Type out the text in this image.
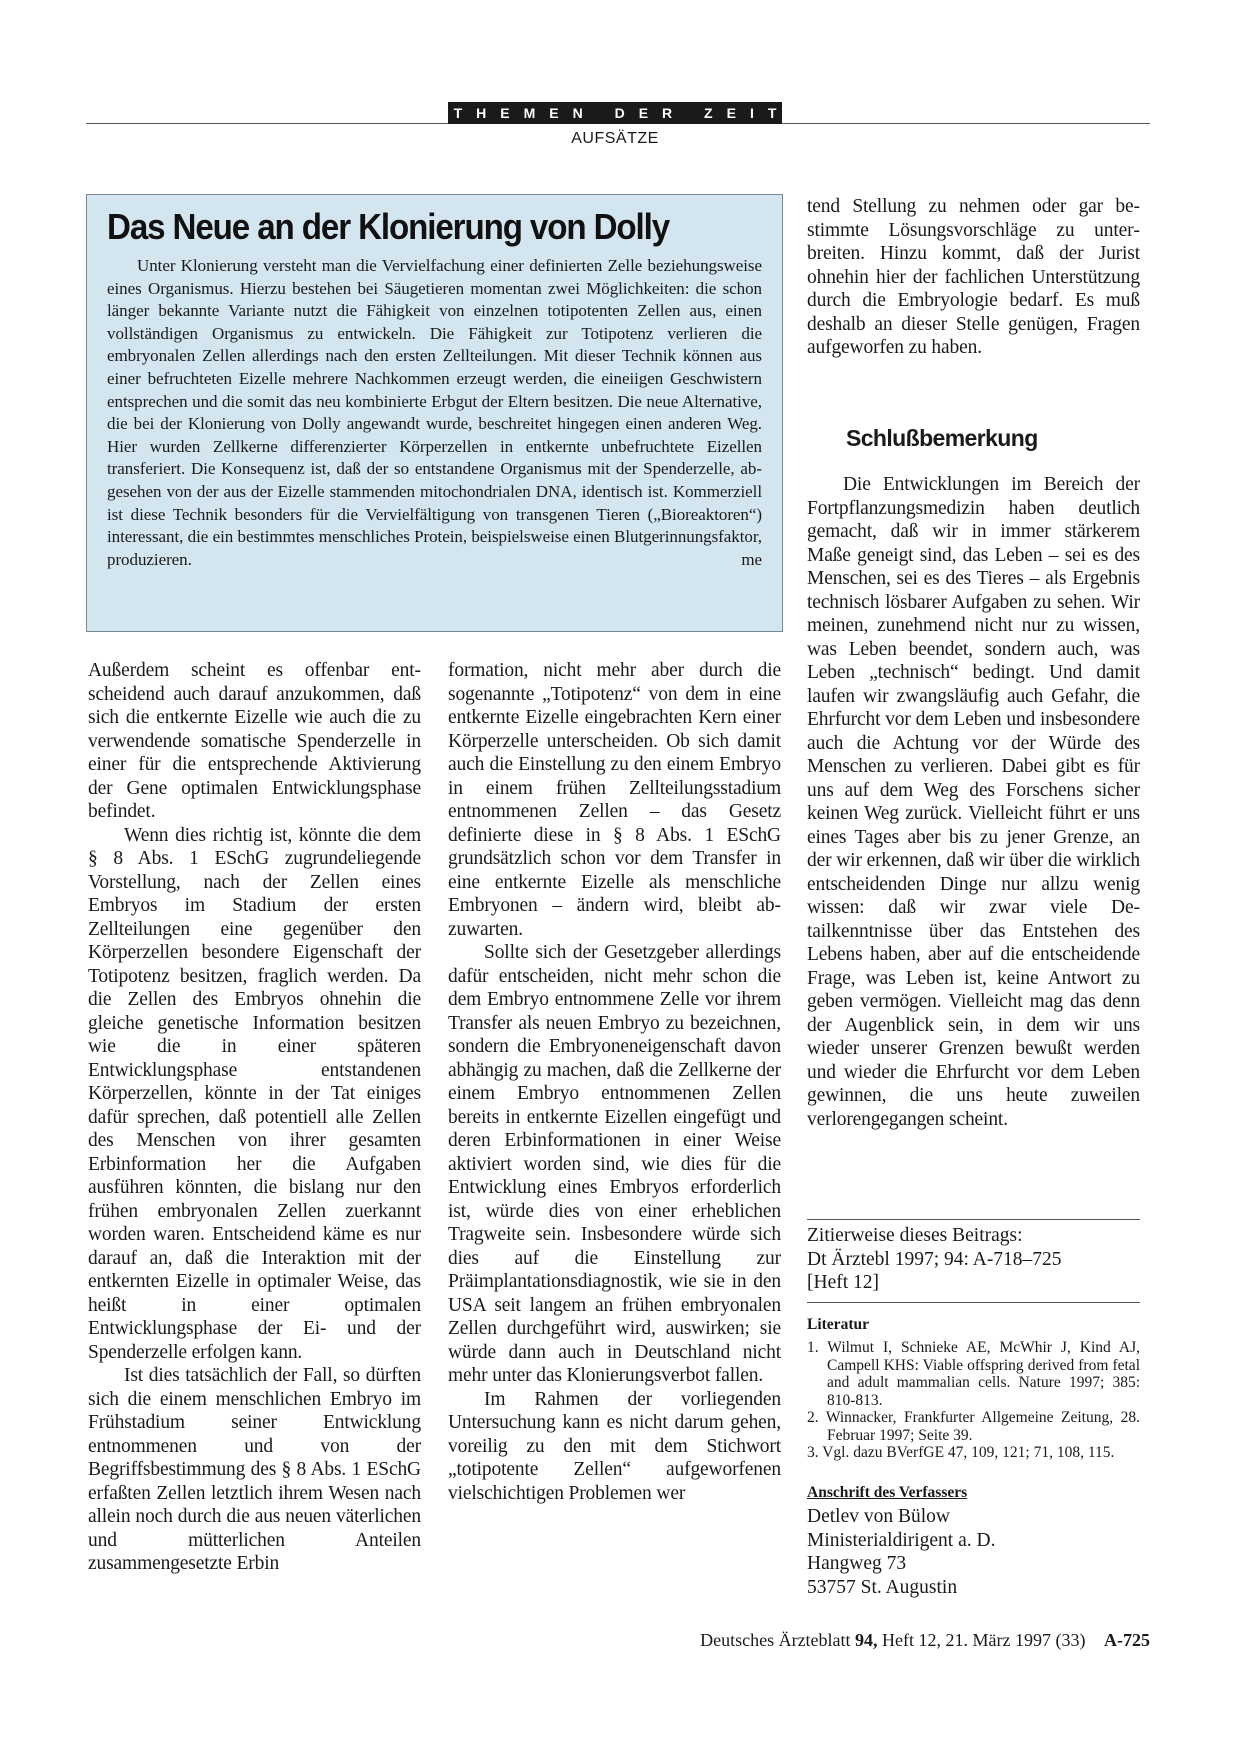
THEMEN DER ZEIT
AUFSÄTZE
Das Neue an der Klonierung von Dolly

Unter Klonierung versteht man die Vervielfachung einer definierten Zelle beziehungsweise eines Organismus. Hierzu bestehen bei Säugetieren momentan zwei Möglichkeiten: die schon länger bekannte Variante nutzt die Fähigkeit von einzelnen totipotenten Zellen aus, einen vollständigen Organismus zu entwickeln. Die Fähigkeit zur Totipotenz verlieren die embryonalen Zellen allerdings nach den ersten Zellteilungen. Mit dieser Technik können aus einer befruchteten Eizelle mehrere Nachkommen erzeugt werden, die eineiigen Geschwistern entsprechen und die somit das neu kombinierte Erbgut der Eltern besitzen. Die neue Alternative, die bei der Klonierung von Dolly angewandt wurde, beschreitet hingegen einen anderen Weg. Hier wurden Zellkerne differenzierter Körperzellen in entkernte unbefruchtete Eizellen transferiert. Die Konsequenz ist, daß der so entstandene Organismus mit der Spenderzelle, abgesehen von der aus der Eizelle stammenden mitochondrialen DNA, identisch ist. Kommerziell ist diese Technik besonders für die Vervielfältigung von transgenen Tieren („Bioreaktoren“) interessant, die ein bestimmtes menschliches Protein, beispielsweise einen Blutgerinnungsfaktor, produzieren.	me

Außerdem scheint es offenbar entscheidend auch darauf anzukommen, daß sich die entkernte Eizelle wie auch die zu verwendende somatische Spenderzelle in einer für die entsprechende Aktivierung der Gene optimalen Entwicklungsphase befindet.

Wenn dies richtig ist, könnte die dem § 8 Abs. 1 ESchG zugrundeliegende Vorstellung, nach der Zellen eines Embryos im Stadium der ersten Zellteilungen eine gegenüber den Körperzellen besondere Eigenschaft der Totipotenz besitzen, fraglich werden. Da die Zellen des Embryos ohnehin die gleiche genetische Information besitzen wie die in einer späteren Entwicklungsphase entstandenen Körperzellen, könnte in der Tat einiges dafür sprechen, daß potentiell alle Zellen des Menschen von ihrer gesamten Erbinformation her die Aufgaben ausführen könnten, die bislang nur den frühen embryonalen Zellen zuerkannt worden waren. Entscheidend käme es nur darauf an, daß die Interaktion mit der entkernten Eizelle in optimaler Weise, das heißt in einer optimalen Entwicklungsphase der Ei- und der Spenderzelle erfolgen kann.

Ist dies tatsächlich der Fall, so dürften sich die einem menschlichen Embryo im Frühstadium seiner Entwicklung entnommenen und von der Begriffsbestimmung des § 8 Abs. 1 ESchG erfaßten Zellen letztlich ihrem Wesen nach allein noch durch die aus neuen väterlichen und mütterlichen Anteilen zusammengesetzte Erbin

formation, nicht mehr aber durch die sogenannte „Totipotenz“ von dem in eine entkernte Eizelle eingebrachten Kern einer Körperzelle unterscheiden. Ob sich damit auch die Einstellung zu den einem Embryo in einem frühen Zellteilungsstadium entnommenen Zellen – das Gesetz definierte diese in § 8 Abs. 1 ESchG grundsätzlich schon vor dem Transfer in eine entkernte Eizelle als menschliche Embryonen – ändern wird, bleibt abzuwarten.

Sollte sich der Gesetzgeber allerdings dafür entscheiden, nicht mehr schon die dem Embryo entnommene Zelle vor ihrem Transfer als neuen Embryo zu bezeichnen, sondern die Embryoneneigenschaft davon abhängig zu machen, daß die Zellkerne der einem Embryo entnommenen Zellen bereits in entkernte Eizellen eingefügt und deren Erbinformationen in einer Weise aktiviert worden sind, wie dies für die Entwicklung eines Embryos erforderlich ist, würde dies von einer erheblichen Tragweite sein. Insbesondere würde sich dies auf die Einstellung zur Präimplantationsdiagnostik, wie sie in den USA seit langem an frühen embryonalen Zellen durchgeführt wird, auswirken; sie würde dann auch in Deutschland nicht mehr unter das Klonierungsverbot fallen.

Im Rahmen der vorliegenden Untersuchung kann es nicht darum gehen, voreilig zu den mit dem Stichwort „totipotente Zellen“ aufgeworfenen vielschichtigen Problemen wer

tend Stellung zu nehmen oder gar bestimmte Lösungsvorschläge zu unterbreiten. Hinzu kommt, daß der Jurist ohnehin hier der fachlichen Unterstützung durch die Embryologie bedarf. Es muß deshalb an dieser Stelle genügen, Fragen aufgeworfen zu haben.

Schlußbemerkung

Die Entwicklungen im Bereich der Fortpflanzungsmedizin haben deutlich gemacht, daß wir in immer stärkerem Maße geneigt sind, das Leben – sei es des Menschen, sei es des Tieres – als Ergebnis technisch lösbarer Aufgaben zu sehen. Wir meinen, zunehmend nicht nur zu wissen, was Leben beendet, sondern auch, was Leben „technisch“ bedingt. Und damit laufen wir zwangsläufig auch Gefahr, die Ehrfurcht vor dem Leben und insbesondere auch die Achtung vor der Würde des Menschen zu verlieren. Dabei gibt es für uns auf dem Weg des Forschens sicher keinen Weg zurück. Vielleicht führt er uns eines Tages aber bis zu jener Grenze, an der wir erkennen, daß wir über die wirklich entscheidenden Dinge nur allzu wenig wissen: daß wir zwar viele Detailkenntnisse über das Entstehen des Lebens haben, aber auf die entscheidende Frage, was Leben ist, keine Antwort zu geben vermögen. Vielleicht mag das denn der Augenblick sein, in dem wir uns wieder unserer Grenzen bewußt werden und wieder die Ehrfurcht vor dem Leben gewinnen, die uns heute zuweilen verlorengegangen scheint.

Zitierweise dieses Beitrags:
Dt Ärztebl 1997; 94: A-718–725
[Heft 12]
Literatur
1. Wilmut I, Schnieke AE, McWhir J, Kind AJ, Campell KHS: Viable offspring derived from fetal and adult mammalian cells. Nature 1997; 385: 810-813.
2. Winnacker, Frankfurter Allgemeine Zeitung, 28. Februar 1997; Seite 39.
3. Vgl. dazu BVerfGE 47, 109, 121; 71, 108, 115.
Anschrift des Verfassers
Detlev von Bülow
Ministerialdirigent a. D.
Hangweg 73
53757 St. Augustin
Deutsches Ärzteblatt 94, Heft 12, 21. März 1997 (33) A-725
